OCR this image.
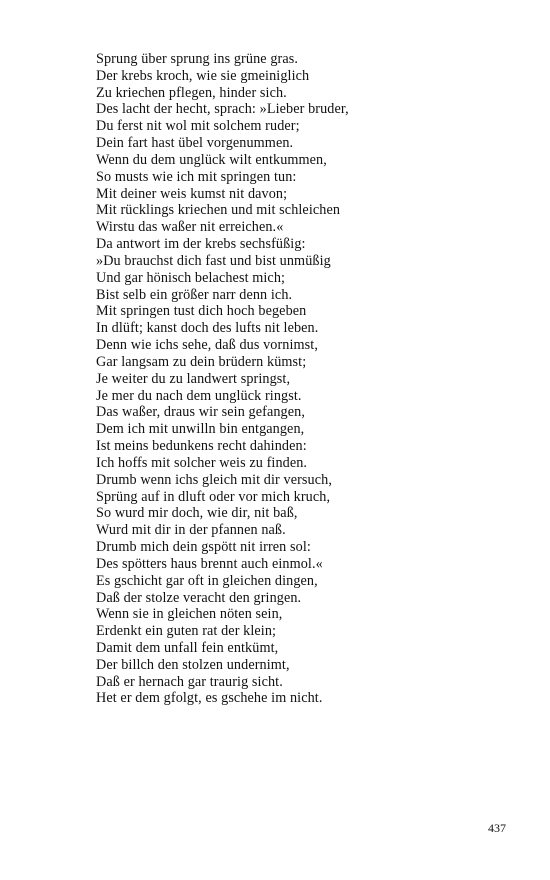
Sprung über sprung ins grüne gras.
Der krebs kroch, wie sie gmeiniglich
Zu kriechen pflegen, hinder sich.
Des lacht der hecht, sprach: »Lieber bruder,
Du ferst nit wol mit solchem ruder;
Dein fart hast übel vorgenummen.
Wenn du dem unglück wilt entkummen,
So musts wie ich mit springen tun:
Mit deiner weis kumst nit davon;
Mit rücklings kriechen und mit schleichen
Wirstu das waßer nit erreichen.«
Da antwort im der krebs sechsfüßig:
»Du brauchst dich fast und bist unmüßig
Und gar hönisch belachest mich;
Bist selb ein größer narr denn ich.
Mit springen tust dich hoch begeben
In dlüft; kanst doch des lufts nit leben.
Denn wie ichs sehe, daß dus vornimst,
Gar langsam zu dein brüdern kümst;
Je weiter du zu landwert springst,
Je mer du nach dem unglück ringst.
Das waßer, draus wir sein gefangen,
Dem ich mit unwilln bin entgangen,
Ist meins bedunkens recht dahinden:
Ich hoffs mit solcher weis zu finden.
Drumb wenn ichs gleich mit dir versuch,
Sprüng auf in dluft oder vor mich kruch,
So wurd mir doch, wie dir, nit baß,
Wurd mit dir in der pfannen naß.
Drumb mich dein gspött nit irren sol:
Des spötters haus brennt auch einmol.«
Es gschicht gar oft in gleichen dingen,
Daß der stolze veracht den gringen.
Wenn sie in gleichen nöten sein,
Erdenkt ein guten rat der klein;
Damit dem unfall fein entkümt,
Der billch den stolzen undernimt,
Daß er hernach gar traurig sicht.
Het er dem gfolgt, es gschehe im nicht.
437
